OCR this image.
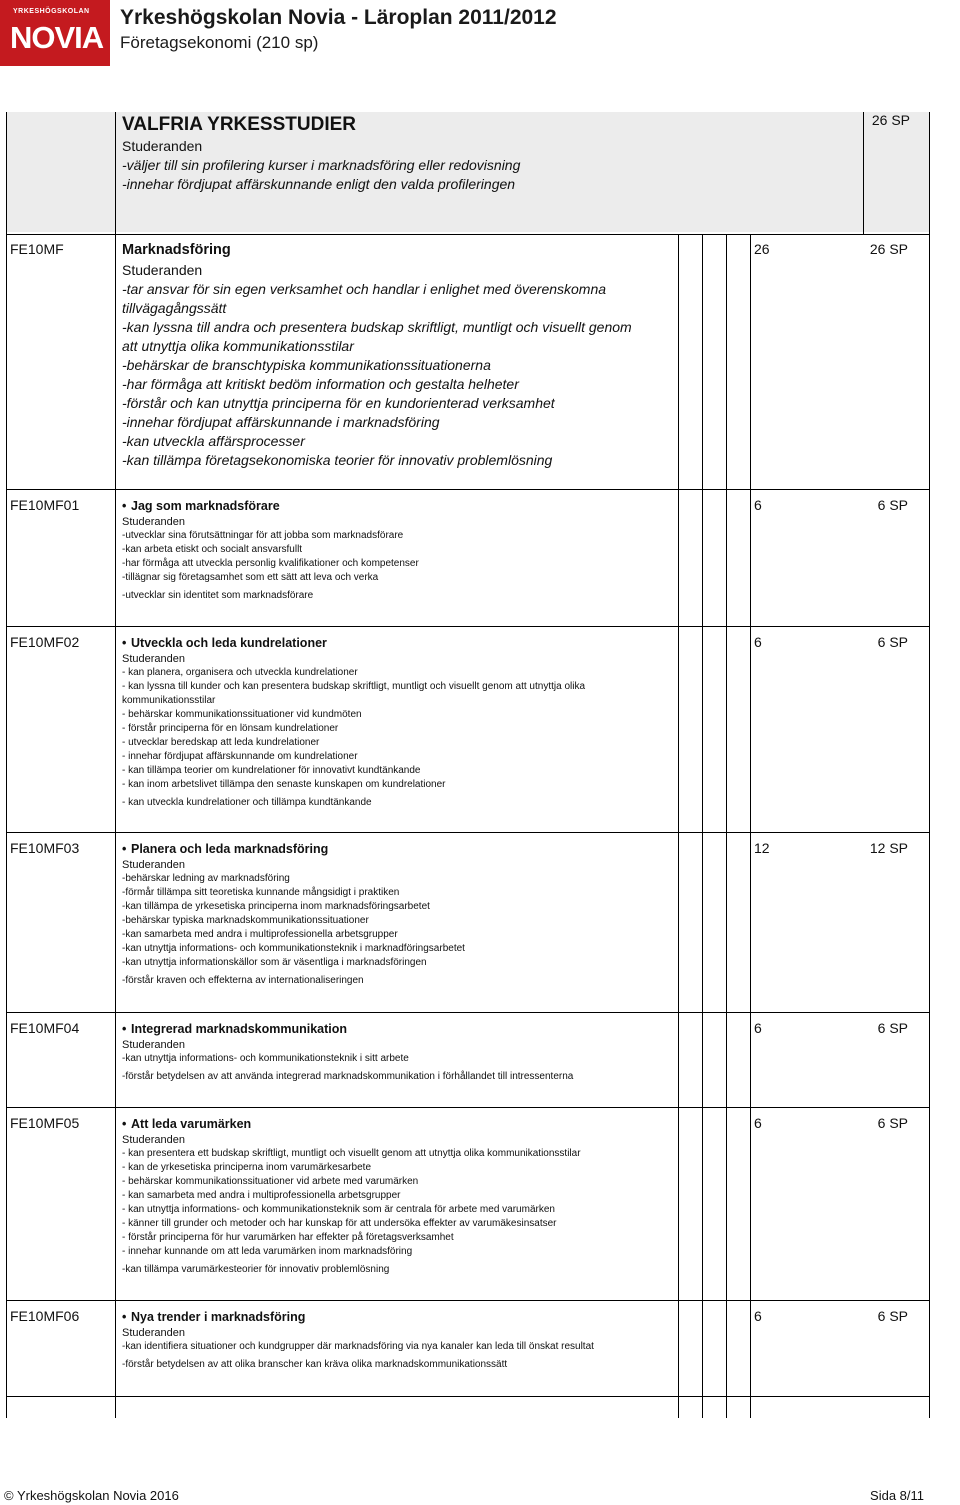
YRKESHÖGSKOLAN
NOVIA
Yrkeshögskolan Novia - Läroplan 2011/2012
Företagsekonomi (210 sp)
VALFRIA YRKESSTUDIER
Studeranden
-väljer till sin profilering kurser i marknadsföring eller redovisning
-innehar fördjupat affärskunnande enligt den valda profileringen
26 SP
FE10MF	Marknadsföring
Studeranden
-tar ansvar för sin egen verksamhet och handlar i enlighet med överenskomna
tillvägagångssätt
-kan lyssna till andra och presentera budskap skriftligt, muntligt och visuellt genom
att utnyttja olika kommunikationsstilar
-behärskar de branschtypiska kommunikationssituationerna
-har förmåga att kritiskt bedöm information och gestalta helheter
-förstår och kan utnyttja principerna för en kundorienterad verksamhet
-innehar fördjupat affärskunnande i marknadsföring
-kan utveckla affärsprocesser
-kan tillämpa företagsekonomiska teorier för innovativ problemlösning
26	26 SP
FE10MF01	• Jag som marknadsförare
Studeranden
-utvecklar sina förutsättningar för att jobba som marknadsförare
-kan arbeta etiskt och socialt ansvarsfullt
-har förmåga att utveckla personlig kvalifikationer och kompetenser
-tillägnar sig företagsamhet som ett sätt att leva och verka
-utvecklar sin identitet som marknadsförare
6	6 SP
FE10MF02	• Utveckla och leda kundrelationer
Studeranden
- kan planera, organisera och utveckla kundrelationer
- kan lyssna till kunder och kan presentera budskap skriftligt, muntligt och visuellt genom att utnyttja olika
kommunikationsstilar
- behärskar kommunikationssituationer vid kundmöten
- förstår principerna för en lönsam kundrelationer
- utvecklar beredskap att leda kundrelationer
- innehar fördjupat affärskunnande om kundrelationer
- kan tillämpa teorier om kundrelationer för innovativt kundtänkande
- kan inom arbetslivet tillämpa den senaste kunskapen om kundrelationer
- kan utveckla kundrelationer och tillämpa kundtänkande
6	6 SP
FE10MF03	• Planera och leda marknadsföring
Studeranden
-behärskar ledning av marknadsföring
-förmår tillämpa sitt teoretiska kunnande mångsidigt i praktiken
-kan tillämpa de yrkesetiska principerna inom marknadsföringsarbetet
-behärskar typiska marknadskommunikationssituationer
-kan samarbeta med andra i multiprofessionella arbetsgrupper
-kan utnyttja informations- och kommunikationsteknik i marknadföringsarbetet
-kan utnyttja informationskällor som är väsentliga i marknadsföringen
-förstår kraven och effekterna av internationaliseringen
12	12 SP
FE10MF04	• Integrerad marknadskommunikation
Studeranden
-kan utnyttja informations- och kommunikationsteknik i sitt arbete
-förstår betydelsen av att använda integrerad marknadskommunikation i förhållandet till intressenterna
6	6 SP
FE10MF05	• Att leda varumärken
Studeranden
- kan presentera ett budskap skriftligt, muntligt och visuellt genom att utnyttja olika kommunikationsstilar
- kan de yrkesetiska principerna inom varumärkesarbete
- behärskar kommunikationssituationer vid arbete med varumärken
- kan samarbeta med andra i multiprofessionella arbetsgrupper
- kan utnyttja informations- och kommunikationsteknik som är centrala för arbete med varumärken
- känner till grunder och metoder och har kunskap för att undersöka effekter av varumäkesinsatser
- förstår principerna för hur varumärken har effekter på företagsverksamhet
- innehar kunnande om att leda varumärken inom marknadsföring
-kan tillämpa varumärkesteorier för innovativ problemlösning
6	6 SP
FE10MF06	• Nya trender i marknadsföring
Studeranden
-kan identifiera situationer och kundgrupper där marknadsföring via nya kanaler kan leda till önskat resultat
-förstår betydelsen av att olika branscher kan kräva olika marknadskommunikationssätt
6	6 SP
© Yrkeshögskolan Novia 2016	Sida 8/11
